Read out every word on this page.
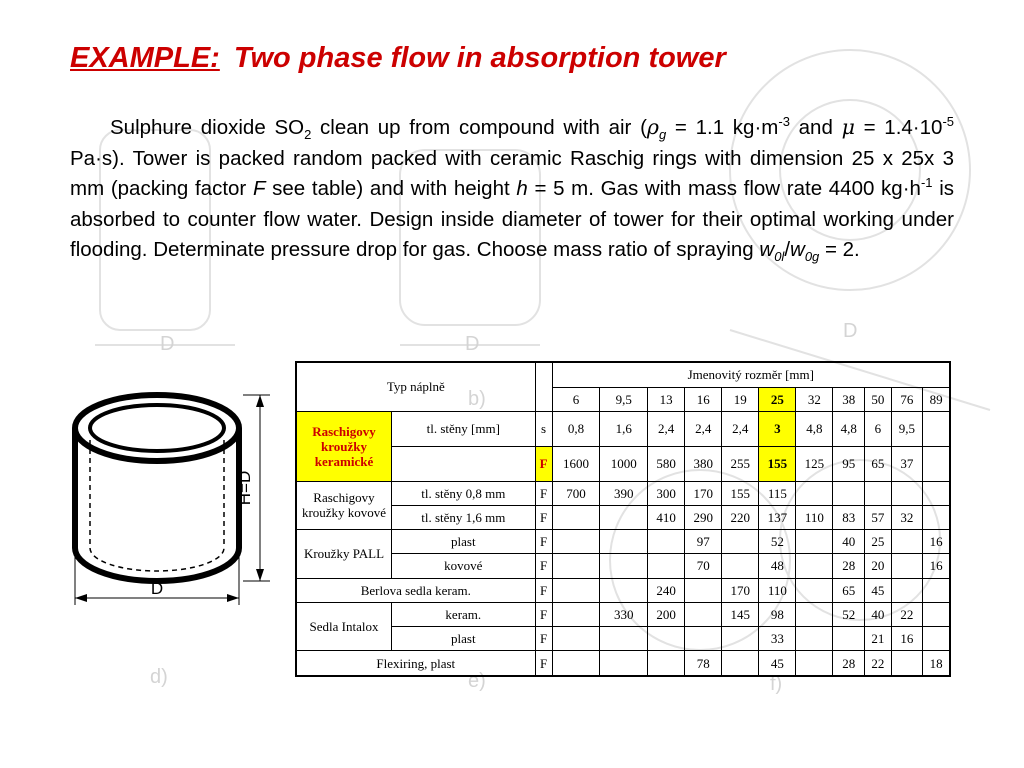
D	D
D
d)	e)	f)
b)
EXAMPLE: Two phase flow in absorption tower
Sulphure dioxide $SO_2$ clean up from compound with air ($\rho_g = 1.1$ $kg\cdot m^{-3}$ and $\mu = 1.4\cdot 10^{-5}$ Pa·s). Tower is packed random packed with ceramic Raschig rings with dimension 25 x 25x 3 mm (packing factor F see table) and with height h = 5 m. Gas with mass flow rate 4400 $kg\cdot h^{-1}$ is absorbed to counter flow water. Design inside diameter of tower for their optimal working under flooding. Determinate pressure drop for gas. Choose mass ratio of spraying $w_{0l}/w_{0g} = 2$.
H=D
D
Typ náplně			Jmenovitý rozměr [mm]										
			6	9,5	13	16	19	25	32	38	50	76	89
Raschigovy kroužky keramické	tl. stěny [mm]	s	0,8	1,6	2,4	2,4	2,4	3	4,8	4,8	6	9,5	
		F	1600	1000	580	380	255	155	125	95	65	37	
Raschigovy kroužky kovové	tl. stěny 0,8 mm	F	700	390	300	170	155	115					
	tl. stěny 1,6 mm	F			410	290	220	137	110	83	57	32	
Kroužky PALL	plast	F				97		52		40	25		16
	kovové	F				70		48		28	20		16
Berlova sedla keram.		F			240		170	110		65	45		
Sedla Intalox	keram.	F		330	200		145	98		52	40	22	
	plast	F						33			21	16	
Flexiring, plast		F				78		45		28	22		18
